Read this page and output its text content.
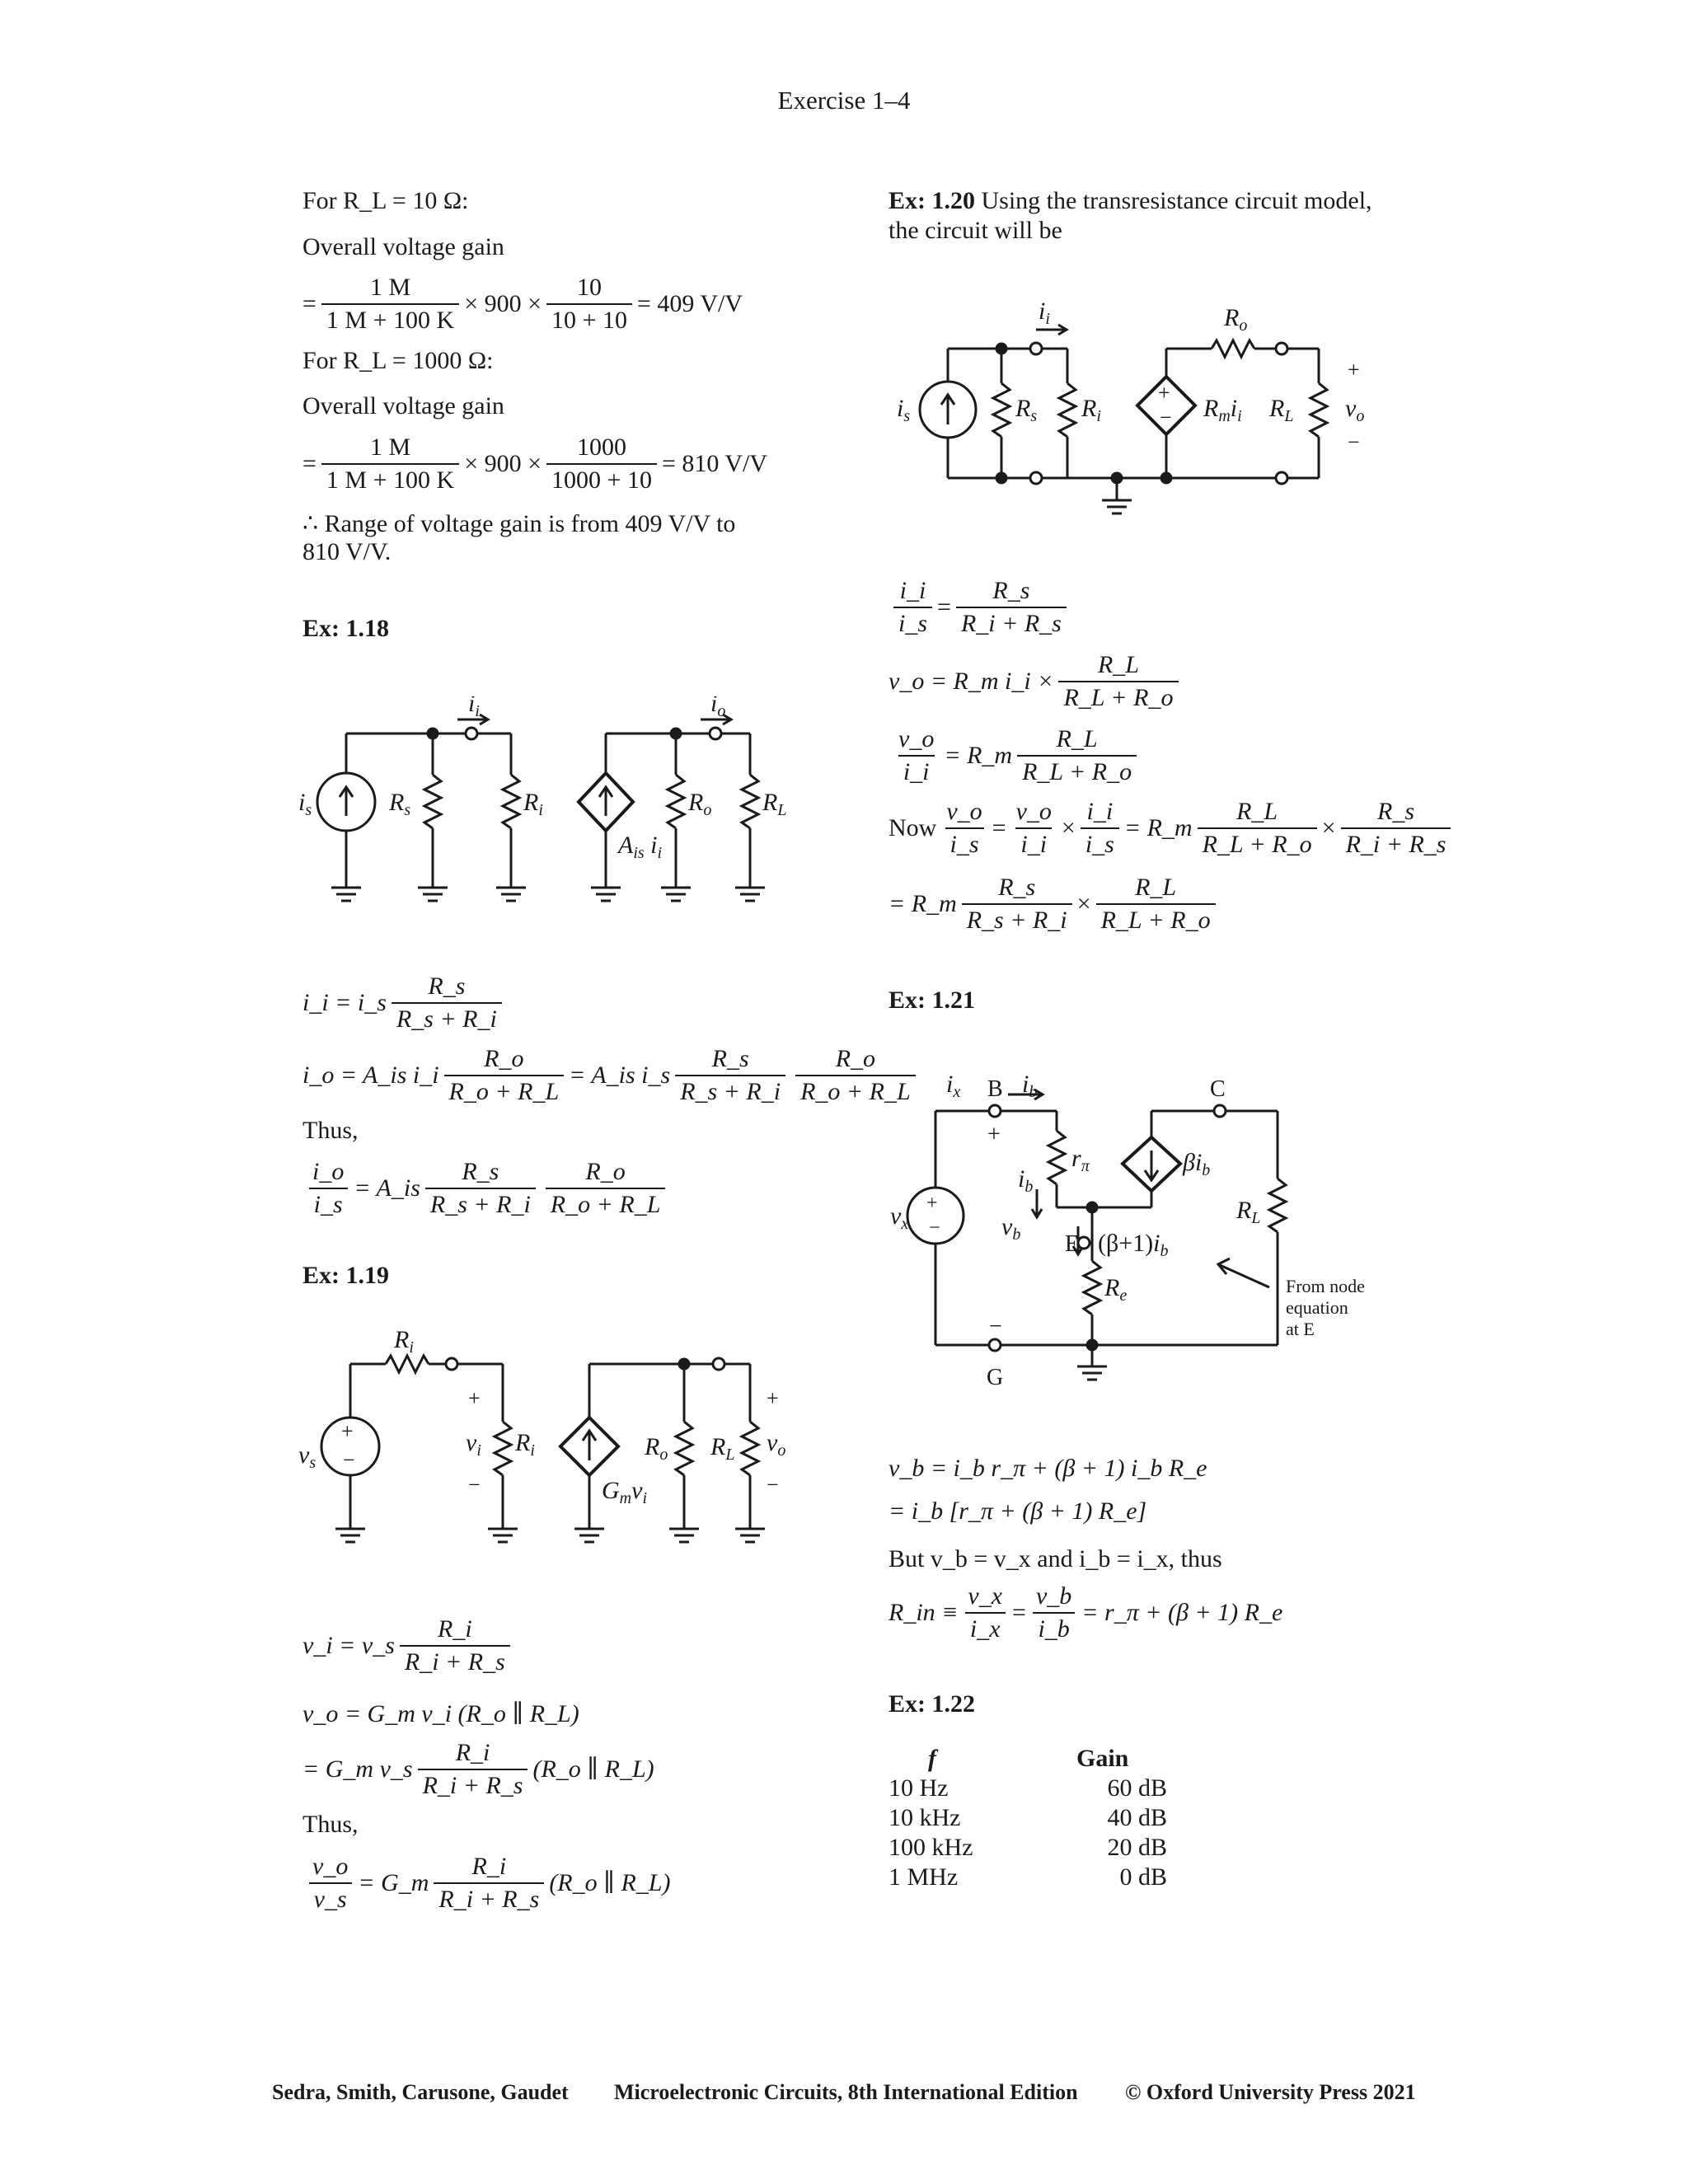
Exercise 1–4
For R_L = 10 Ω:
Overall voltage gain
= $\frac{1 M}{1 M + 100 K} \times 900 \times \frac{10}{10 + 10} = 409$ V/V
For R_L = 1000 Ω:
Overall voltage gain
= $\frac{1 M}{1 M + 100 K} \times 900 \times \frac{1000}{1000 + 10} = 810$ V/V
∴ Range of voltage gain is from 409 V/V to
810 V/V.
Ex: 1.18
$i_s$	$R_s$	$R_i$
$i_i$
$R_o$ $R_L$
$i_o$
$A_{is}$ $i_i$
i_i = i_s $\frac{R\_s}{R\_s + R\_i}$
i_o = A_is i_i $\frac{R\_o}{R\_o + R\_L}$ = A_is i_s $\frac{R\_s}{R\_s + R\_i} \frac{R\_o}{R\_o + R\_L}$
Thus,
$\frac{i\_o}{i\_s}$ = A_is $\frac{R\_s}{R\_s + R\_i} \frac{R\_o}{R\_o + R\_L}$
Ex: 1.19
+
−
+
−
+
−
$v_s$
$R_i$
$v_i$ $R_i$	$R_o$ $R_L$ $v_o$
$G_mv_i$
v_i = v_s $\frac{R\_i}{R\_i + R\_s}$
v_o = G_m v_i (R_o ∥ R_L)
= G_m v_s $\frac{R\_i}{R\_i + R\_s}$ (R_o ∥ R_L)
Thus,
$\frac{v\_o}{v\_s}$ = G_m $\frac{R\_i}{R\_i + R\_s}$ (R_o ∥ R_L)
Ex: 1.20 Using the transresistance circuit model,
the circuit will be
+
−
+
−
$i_s$	$R_s$ $R_i$
$i_i$	$R_o$
$R_mi_i$ $R_L$ $v_o$
$\frac{i\_i}{i\_s} = \frac{R\_s}{R\_i + R\_s}$
v_o = R_m i_i × $\frac{R\_L}{R\_L + R\_o}$
$\frac{v\_o}{i\_i}$ = R_m $\frac{R\_L}{R\_L + R\_o}$
Now $\frac{v\_o}{i\_s} = \frac{v\_o}{i\_i} \times \frac{i\_i}{i\_s}$ = R_m $\frac{R\_L}{R\_L + R\_o} \times \frac{R\_s}{R\_i + R\_s}$
= R_m $\frac{R\_s}{R\_s + R\_i} \times \frac{R\_L}{R\_L + R\_o}$
Ex: 1.21
B	C
E
G
+
−
+
−
$i_x$ $i_b$
$i_b$
$r_\pi$	$\beta i_b$
$R_L$
$v_b$
$v_x$
$R_e$
$(\beta+1)i_b$
From node
equation
at E
v_b = i_b r_π + (β + 1) i_b R_e
= i_b [r_π + (β + 1) R_e]
But v_b = v_x and i_b = i_x, thus
R_in ≡ $\frac{v\_x}{i\_x} = \frac{v\_b}{i\_b}$ = r_π + (β + 1) R_e
Ex: 1.22
f	Gain
10 Hz	60 dB
10 kHz	40 dB
100 kHz	20 dB
1 MHz	0 dB
Sedra, Smith, Carusone, Gaudet Microelectronic Circuits, 8th International Edition © Oxford University Press 2021
